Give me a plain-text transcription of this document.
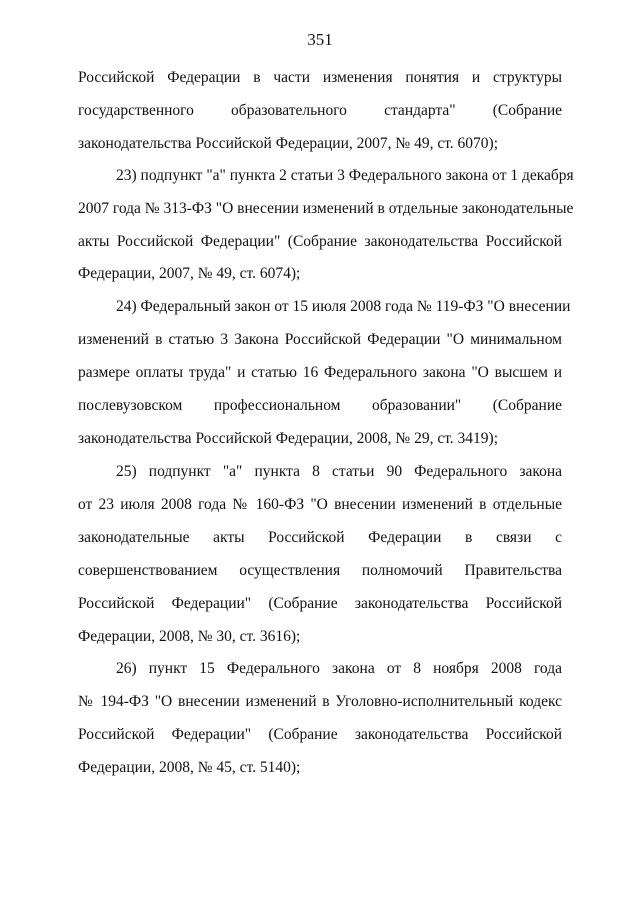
351
Российской Федерации в части изменения понятия и структуры
государственного образовательного стандарта" (Собрание
законодательства Российской Федерации, 2007, № 49, ст. 6070);
23) подпункт "а" пункта 2 статьи 3 Федерального закона от 1 декабря
2007 года № 313-ФЗ "О внесении изменений в отдельные законодательные
акты Российской Федерации" (Собрание законодательства Российской
Федерации, 2007, № 49, ст. 6074);
24) Федеральный закон от 15 июля 2008 года № 119-ФЗ "О внесении
изменений в статью 3 Закона Российской Федерации "О минимальном
размере оплаты труда" и статью 16 Федерального закона "О высшем и
послевузовском профессиональном образовании" (Собрание
законодательства Российской Федерации, 2008, № 29, ст. 3419);
25) подпункт "а" пункта 8 статьи 90 Федерального закона
от 23 июля 2008 года № 160-ФЗ "О внесении изменений в отдельные
законодательные акты Российской Федерации в связи с
совершенствованием осуществления полномочий Правительства
Российской Федерации" (Собрание законодательства Российской
Федерации, 2008, № 30, ст. 3616);
26) пункт 15 Федерального закона от 8 ноября 2008 года
№ 194-ФЗ "О внесении изменений в Уголовно-исполнительный кодекс
Российской Федерации" (Собрание законодательства Российской
Федерации, 2008, № 45, ст. 5140);
